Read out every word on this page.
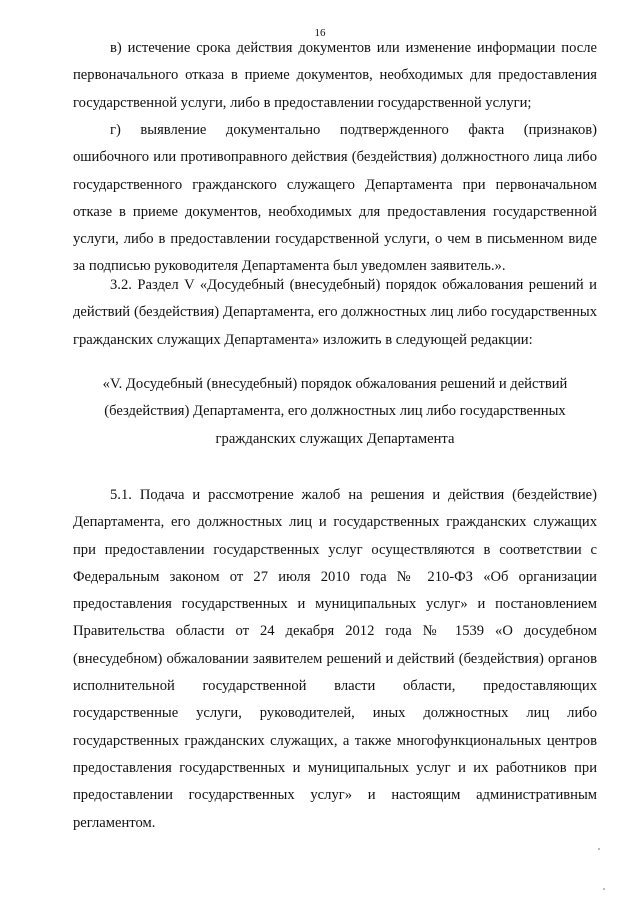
16

в) истечение срока действия документов или изменение информации после первоначального отказа в приеме документов, необходимых для предоставления государственной услуги, либо в предоставлении государственной услуги;

г) выявление документально подтвержденного факта (признаков) ошибочного или противоправного действия (бездействия) должностного лица либо государственного гражданского служащего Департамента при первоначальном отказе в приеме документов, необходимых для предоставления государственной услуги, либо в предоставлении государственной услуги, о чем в письменном виде за подписью руководителя Департамента был уведомлен заявитель.».

3.2. Раздел V «Досудебный (внесудебный) порядок обжалования решений и действий (бездействия) Департамента, его должностных лиц либо государственных гражданских служащих Департамента» изложить в следующей редакции:

«V. Досудебный (внесудебный) порядок обжалования решений и действий (бездействия) Департамента, его должностных лиц либо государственных гражданских служащих Департамента

5.1. Подача и рассмотрение жалоб на решения и действия (бездействие) Департамента, его должностных лиц и государственных гражданских служащих при предоставлении государственных услуг осуществляются в соответствии с Федеральным законом от 27 июля 2010 года № 210-ФЗ «Об организации предоставления государственных и муниципальных услуг» и постановлением Правительства области от 24 декабря 2012 года № 1539 «О досудебном (внесудебном) обжаловании заявителем решений и действий (бездействия) органов исполнительной государственной власти области, предоставляющих государственные услуги, руководителей, иных должностных лиц либо государственных гражданских служащих, а также многофункциональных центров предоставления государственных и муниципальных услуг и их работников при предоставлении государственных услуг» и настоящим административным регламентом.
